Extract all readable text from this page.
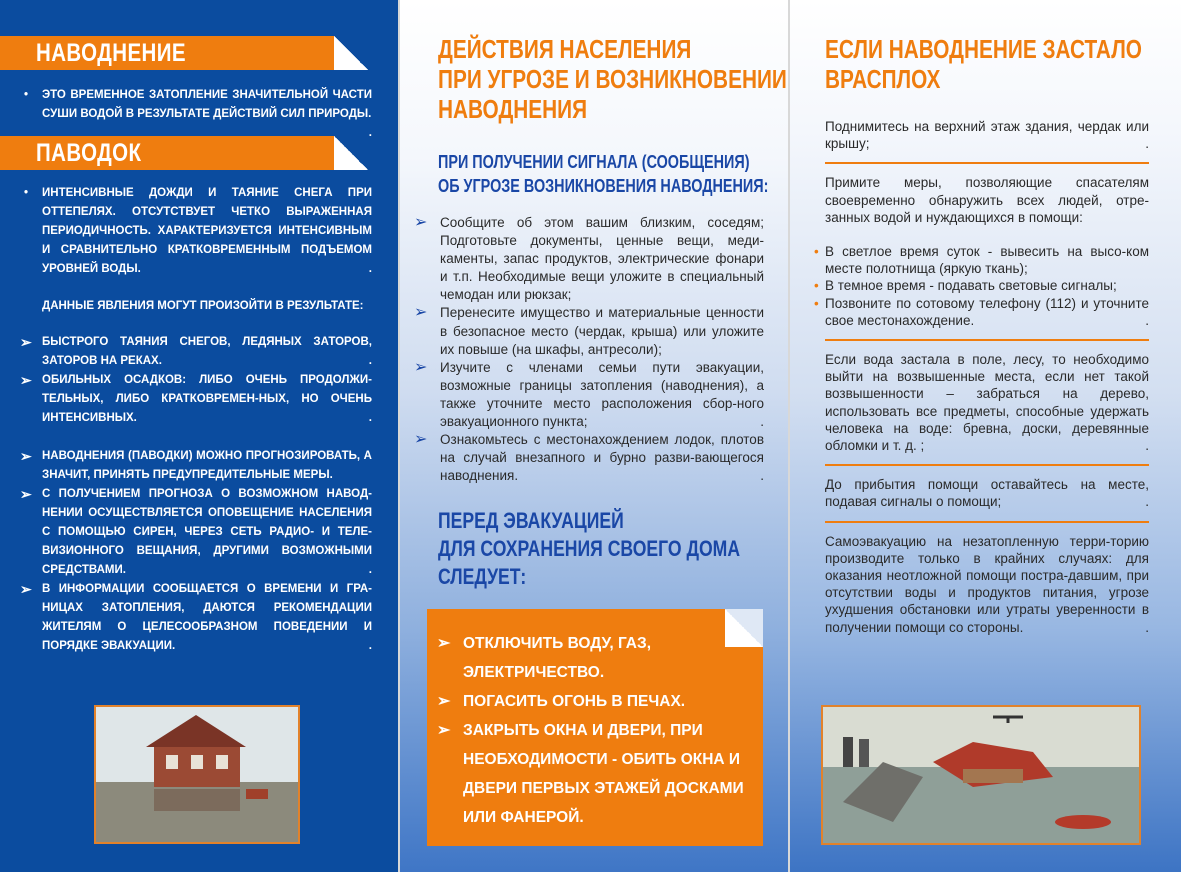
НАВОДНЕНИЕ
• ЭТО ВРЕМЕННОЕ ЗАТОПЛЕНИЕ ЗНАЧИТЕЛЬНОЙ ЧАСТИ СУШИ ВОДОЙ В РЕЗУЛЬТАТЕ ДЕЙСТВИЙ СИЛ ПРИРОДЫ.
.
ПАВОДОК
• ИНТЕНСИВНЫЕ ДОЖДИ И ТАЯНИЕ СНЕГА ПРИ ОТТЕПЕЛЯХ. ОТСУТСТВУЕТ ЧЕТКО ВЫРАЖЕННАЯ ПЕРИОДИЧНОСТЬ. ХАРАКТЕРИЗУЕТСЯ ИНТЕНСИВНЫМ И СРАВНИТЕЛЬНО КРАТКОВРЕМЕННЫМ ПОДЪЕМОМ УРОВНЕЙ ВОДЫ.	.
ДАННЫЕ ЯВЛЕНИЯ МОГУТ ПРОИЗОЙТИ В РЕЗУЛЬТАТЕ:
➢ БЫСТРОГО ТАЯНИЯ СНЕГОВ, ЛЕДЯНЫХ ЗАТОРОВ, ЗАТОРОВ НА РЕКАХ.	.
➢ ОБИЛЬНЫХ ОСАДКОВ: ЛИБО ОЧЕНЬ ПРОДОЛЖИ-ТЕЛЬНЫХ, ЛИБО КРАТКОВРЕМЕН-НЫХ, НО ОЧЕНЬ ИНТЕНСИВНЫХ.	.
➢ НАВОДНЕНИЯ (ПАВОДКИ) МОЖНО ПРОГНОЗИРОВАТЬ, А ЗНАЧИТ, ПРИНЯТЬ ПРЕДУПРЕДИТЕЛЬНЫЕ МЕРЫ.
➢ С ПОЛУЧЕНИЕМ ПРОГНОЗА О ВОЗМОЖНОМ НАВОД-НЕНИИ ОСУЩЕСТВЛЯЕТСЯ ОПОВЕЩЕНИЕ НАСЕЛЕНИЯ С ПОМОЩЬЮ СИРЕН, ЧЕРЕЗ СЕТЬ РАДИО- И ТЕЛЕ-ВИЗИОННОГО ВЕЩАНИЯ, ДРУГИМИ ВОЗМОЖНЫМИ СРЕДСТВАМИ.	.
➢ В ИНФОРМАЦИИ СООБЩАЕТСЯ О ВРЕМЕНИ И ГРА-НИЦАХ ЗАТОПЛЕНИЯ, ДАЮТСЯ РЕКОМЕНДАЦИИ ЖИТЕЛЯМ О ЦЕЛЕСООБРАЗНОМ ПОВЕДЕНИИ И ПОРЯДКЕ ЭВАКУАЦИИ.	.
ДЕЙСТВИЯ НАСЕЛЕНИЯ
ПРИ УГРОЗЕ И ВОЗНИКНОВЕНИИ
НАВОДНЕНИЯ
ПРИ ПОЛУЧЕНИИ СИГНАЛА (СООБЩЕНИЯ)
ОБ УГРОЗЕ ВОЗНИКНОВЕНИЯ НАВОДНЕНИЯ:
➢ Сообщите об этом вашим близким, соседям; Подготовьте документы, ценные вещи, меди-каменты, запас продуктов, электрические фонари и т.п. Необходимые вещи уложите в специальный чемодан или рюкзак;
➢ Перенесите имущество и материальные ценности в безопасное место (чердак, крыша) или уложите их повыше (на шкафы, антресоли);
➢ Изучите с членами семьи пути эвакуации, возможные границы затопления (наводнения), а также уточните место расположения сбор-ного эвакуационного пункта;	.
➢ Ознакомьтесь с местонахождением лодок, плотов на случай внезапного и бурно разви-вающегося наводнения.	.
ПЕРЕД ЭВАКУАЦИЕЙ
ДЛЯ СОХРАНЕНИЯ СВОЕГО ДОМА
СЛЕДУЕТ:
➢ ОТКЛЮЧИТЬ ВОДУ, ГАЗ, ЭЛЕКТРИЧЕСТВО.
➢ ПОГАСИТЬ ОГОНЬ В ПЕЧАХ.
➢ ЗАКРЫТЬ ОКНА И ДВЕРИ, ПРИ НЕОБХОДИМОСТИ - ОБИТЬ ОКНА И ДВЕРИ ПЕРВЫХ ЭТАЖЕЙ ДОСКАМИ ИЛИ ФАНЕРОЙ.
ЕСЛИ НАВОДНЕНИЕ ЗАСТАЛО
ВРАСПЛОХ
Поднимитесь на верхний этаж здания, чердак или крышу;	.
Примите меры, позволяющие спасателям своевременно обнаружить всех людей, отре-занных водой и нуждающихся в помощи:
• В светлое время суток - вывесить на высо-ком месте полотнища (яркую ткань);
• В темное время - подавать световые сигналы;
• Позвоните по сотовому телефону (112) и уточните свое местонахождение.	.
Если вода застала в поле, лесу, то необходимо выйти на возвышенные места, если нет такой возвышенности – забраться на дерево, использовать все предметы, способные удержать человека на воде: бревна, доски, деревянные обломки и т. д. ;	.
До прибытия помощи оставайтесь на месте, подавая сигналы о помощи;	.
Самоэвакуацию на незатопленную терри-торию производите только в крайних случаях: для оказания неотложной помощи постра-давшим, при отсутствии воды и продуктов питания, угрозе ухудшения обстановки или утраты уверенности в получении помощи со стороны.	.
